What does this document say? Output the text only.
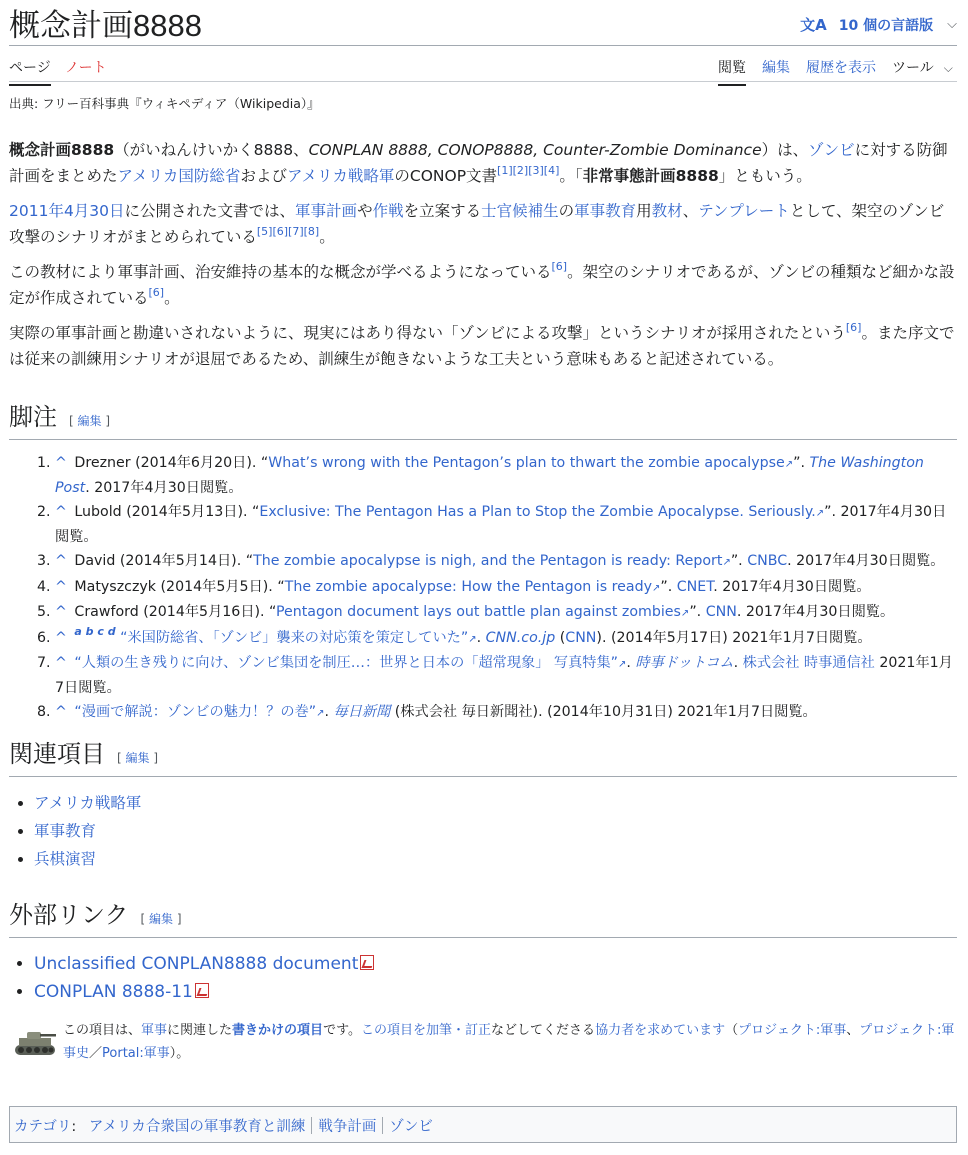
概念計画8888	文A 10 個の言語版 ⌵
ページ ノート	閲覧 編集 履歴を表示 ツール ⌵
出典: フリー百科事典『ウィキペディア（Wikipedia）』

概念計画8888（がいねんけいかく8888、CONPLAN 8888, CONOP8888, Counter-Zombie Dominance）は、ゾンビに対する防御計画をまとめたアメリカ国防総省およびアメリカ戦略軍のCONOP文書[1][2][3][4]。「非常事態計画8888」ともいう。

2011年4月30日に公開された文書では、軍事計画や作戦を立案する士官候補生の軍事教育用教材、テンプレートとして、架空のゾンビ攻撃のシナリオがまとめられている[5][6][7][8]。

この教材により軍事計画、治安維持の基本的な概念が学べるようになっている[6]。架空のシナリオであるが、ゾンビの種類など細かな設定が作成されている[6]。

実際の軍事計画と勘違いされないように、現実にはあり得ない「ゾンビによる攻撃」というシナリオが採用されたという[6]。また序文では従来の訓練用シナリオが退屈であるため、訓練生が飽きないような工夫という意味もあると記述されている。

脚注 [ 編集 ]
1. ^ Drezner (2014年6月20日). “What’s wrong with the Pentagon’s plan to thwart the zombie apocalypse↗”. The Washington Post. 2017年4月30日閲覧。
2. ^ Lubold (2014年5月13日). “Exclusive: The Pentagon Has a Plan to Stop the Zombie Apocalypse. Seriously.↗”. 2017年4月30日閲覧。
3. ^ David (2014年5月14日). “The zombie apocalypse is nigh, and the Pentagon is ready: Report↗”. CNBC. 2017年4月30日閲覧。
4. ^ Matyszczyk (2014年5月5日). “The zombie apocalypse: How the Pentagon is ready↗”. CNET. 2017年4月30日閲覧。
5. ^ Crawford (2014年5月16日). “Pentagon document lays out battle plan against zombies↗”. CNN. 2017年4月30日閲覧。
6. ^ $^{a b c d}$ “米国防総省、「ゾンビ」襲来の対応策を策定していた”↗. CNN.co.jp (CNN). (2014年5月17日) 2021年1月7日閲覧。
7. ^ “人類の生き残りに向け、ゾンビ集団を制圧…：世界と日本の「超常現象」 写真特集”↗. 時事ドットコム. 株式会社 時事通信社 2021年1月7日閲覧。
8. ^ “漫画で解説：ゾンビの魅力！？の巻”↗. 毎日新聞 (株式会社 毎日新聞社). (2014年10月31日) 2021年1月7日閲覧。
関連項目 [ 編集 ]
• アメリカ戦略軍
• 軍事教育
• 兵棋演習
外部リンク [ 編集 ]
• Unclassified CONPLAN8888 document
• CONPLAN 8888-11
この項目は、軍事に関連した書きかけの項目です。この項目を加筆・訂正などしてくださる協力者を求めています（プロジェクト:軍事、プロジェクト:軍事史／Portal:軍事）。
カテゴリ: アメリカ合衆国の軍事教育と訓練 戦争計画 ゾンビ
